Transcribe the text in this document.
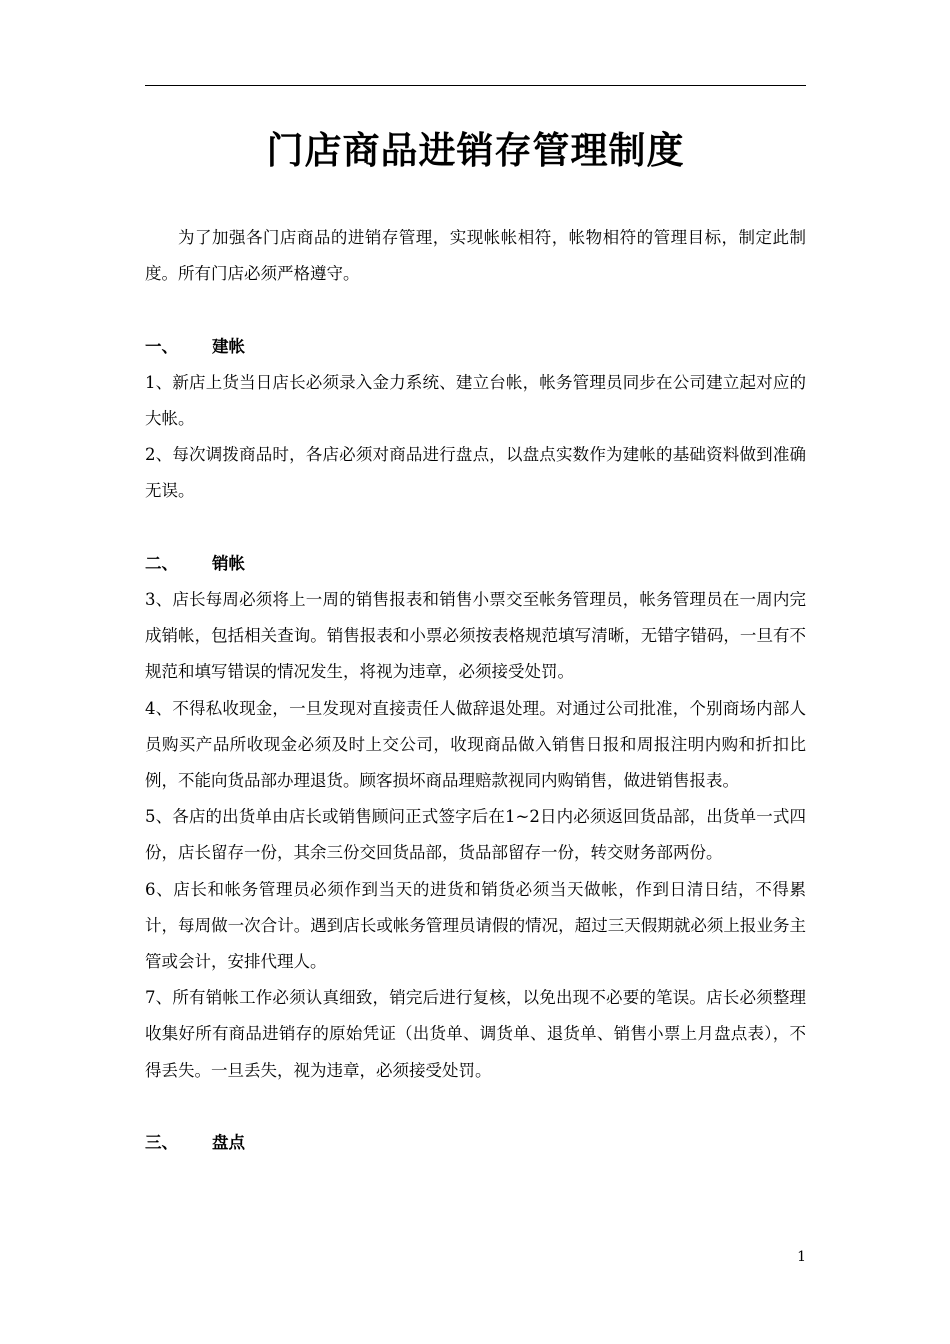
门店商品进销存管理制度

为了加强各门店商品的进销存管理，实现帐帐相符，帐物相符的管理目标，制定此制度。所有门店必须严格遵守。

一、	建帐

1、新店上货当日店长必须录入金力系统、建立台帐，帐务管理员同步在公司建立起对应的大帐。

2、每次调拨商品时，各店必须对商品进行盘点，以盘点实数作为建帐的基础资料做到准确无误。

二、	销帐

3、店长每周必须将上一周的销售报表和销售小票交至帐务管理员，帐务管理员在一周内完成销帐，包括相关查询。销售报表和小票必须按表格规范填写清晰，无错字错码，一旦有不规范和填写错误的情况发生，将视为违章，必须接受处罚。

4、不得私收现金，一旦发现对直接责任人做辞退处理。对通过公司批准，个别商场内部人员购买产品所收现金必须及时上交公司，收现商品做入销售日报和周报注明内购和折扣比例，不能向货品部办理退货。顾客损坏商品理赔款视同内购销售，做进销售报表。

5、各店的出货单由店长或销售顾问正式签字后在1~2日内必须返回货品部，出货单一式四份，店长留存一份，其余三份交回货品部，货品部留存一份，转交财务部两份。

6、店长和帐务管理员必须作到当天的进货和销货必须当天做帐，作到日清日结，不得累计，每周做一次合计。遇到店长或帐务管理员请假的情况，超过三天假期就必须上报业务主管或会计，安排代理人。

7、所有销帐工作必须认真细致，销完后进行复核，以免出现不必要的笔误。店长必须整理收集好所有商品进销存的原始凭证（出货单、调货单、退货单、销售小票上月盘点表），不得丢失。一旦丢失，视为违章，必须接受处罚。

三、	盘点

1
